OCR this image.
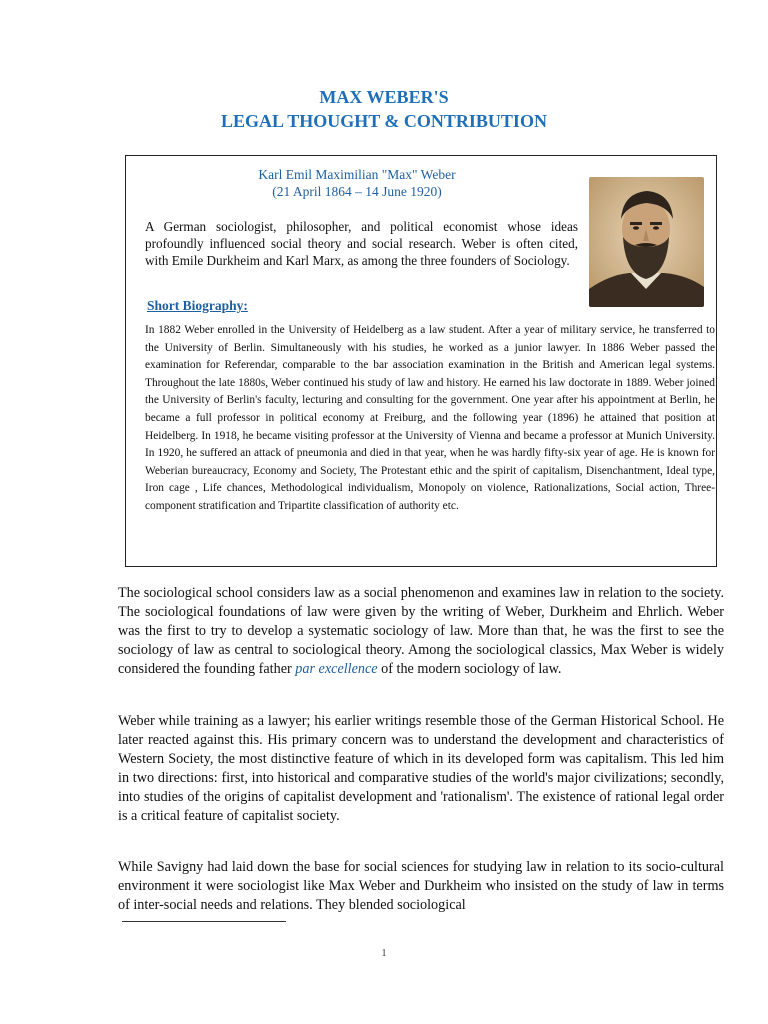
MAX WEBER'S
LEGAL THOUGHT & CONTRIBUTION
Karl Emil Maximilian "Max" Weber
(21 April 1864 – 14 June 1920)
A German sociologist, philosopher, and political economist whose ideas profoundly influenced social theory and social research. Weber is often cited, with Emile Durkheim and Karl Marx, as among the three founders of Sociology.
Short Biography:
In 1882 Weber enrolled in the University of Heidelberg as a law student. After a year of military service, he transferred to the University of Berlin. Simultaneously with his studies, he worked as a junior lawyer. In 1886 Weber passed the examination for Referendar, comparable to the bar association examination in the British and American legal systems. Throughout the late 1880s, Weber continued his study of law and history. He earned his law doctorate in 1889. Weber joined the University of Berlin's faculty, lecturing and consulting for the government. One year after his appointment at Berlin, he became a full professor in political economy at Freiburg, and the following year (1896) he attained that position at Heidelberg. In 1918, he became visiting professor at the University of Vienna and became a professor at Munich University. In 1920, he suffered an attack of pneumonia and died in that year, when he was hardly fifty-six year of age. He is known for Weberian bureaucracy, Economy and Society, The Protestant ethic and the spirit of capitalism, Disenchantment, Ideal type, Iron cage , Life chances, Methodological individualism, Monopoly on violence, Rationalizations, Social action, Three-component stratification and Tripartite classification of authority etc.

The sociological school considers law as a social phenomenon and examines law in relation to the society. The sociological foundations of law were given by the writing of Weber, Durkheim and Ehrlich. Weber was the first to try to develop a systematic sociology of law. More than that, he was the first to see the sociology of law as central to sociological theory. Among the sociological classics, Max Weber is widely considered the founding father par excellence of the modern sociology of law.

Weber while training as a lawyer; his earlier writings resemble those of the German Historical School. He later reacted against this. His primary concern was to understand the development and characteristics of Western Society, the most distinctive feature of which in its developed form was capitalism. This led him in two directions: first, into historical and comparative studies of the world's major civilizations; secondly, into studies of the origins of capitalist development and 'rationalism'. The existence of rational legal order is a critical feature of capitalist society.

While Savigny had laid down the base for social sciences for studying law in relation to its socio-cultural environment it were sociologist like Max Weber and Durkheim who insisted on the study of law in terms of inter-social needs and relations. They blended sociological

1
